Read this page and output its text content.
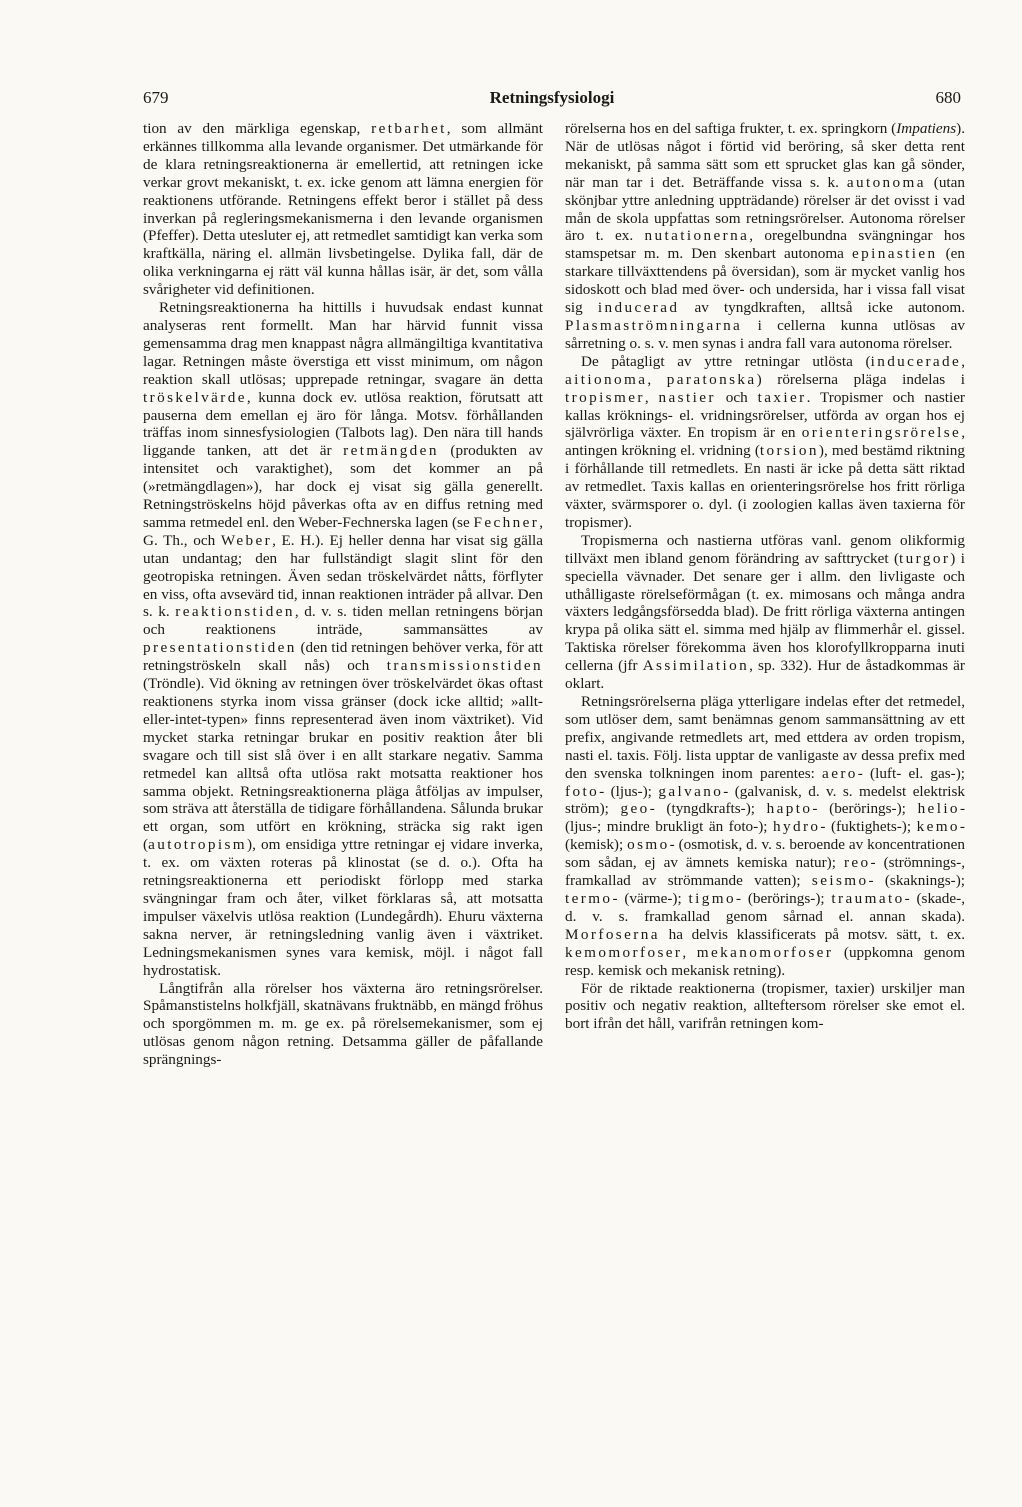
679	Retningsfysiologi	680

tion av den märkliga egenskap, retbarhet, som allmänt erkännes tillkomma alla levande organismer. Det utmärkande för de klara retningsreaktionerna är emellertid, att retningen icke verkar grovt mekaniskt, t. ex. icke genom att lämna energien för reaktionens utförande. Retningens effekt beror i stället på dess inverkan på regleringsmekanismerna i den levande organismen (Pfeffer). Detta utesluter ej, att retmedlet samtidigt kan verka som kraftkälla, näring el. allmän livsbetingelse. Dylika fall, där de olika verkningarna ej rätt väl kunna hållas isär, är det, som vålla svårigheter vid definitionen.

Retningsreaktionerna ha hittills i huvudsak endast kunnat analyseras rent formellt. Man har härvid funnit vissa gemensamma drag men knappast några allmängiltiga kvantitativa lagar. Retningen måste överstiga ett visst minimum, om någon reaktion skall utlösas; upprepade retningar, svagare än detta tröskelvärde, kunna dock ev. utlösa reaktion, förutsatt att pauserna dem emellan ej äro för långa. Motsv. förhållanden träffas inom sinnesfysiologien (Talbots lag). Den nära till hands liggande tanken, att det är retmängden (produkten av intensitet och varaktighet), som det kommer an på (»retmängdlagen»), har dock ej visat sig gälla generellt. Retningströskelns höjd påverkas ofta av en diffus retning med samma retmedel enl. den Weber-Fechnerska lagen (se Fechner, G. Th., och Weber, E. H.). Ej heller denna har visat sig gälla utan undantag; den har fullständigt slagit slint för den geotropiska retningen. Även sedan tröskelvärdet nåtts, förflyter en viss, ofta avsevärd tid, innan reaktionen inträder på allvar. Den s. k. reaktionstiden, d. v. s. tiden mellan retningens början och reaktionens inträde, sammansättes av presentationstiden (den tid retningen behöver verka, för att retningströskeln skall nås) och transmissionstiden (Tröndle). Vid ökning av retningen över tröskelvärdet ökas oftast reaktionens styrka inom vissa gränser (dock icke alltid; »allt-eller-intet-typen» finns representerad även inom växtriket). Vid mycket starka retningar brukar en positiv reaktion åter bli svagare och till sist slå över i en allt starkare negativ. Samma retmedel kan alltså ofta utlösa rakt motsatta reaktioner hos samma objekt. Retningsreaktionerna pläga åtföljas av impulser, som sträva att återställa de tidigare förhållandena. Sålunda brukar ett organ, som utfört en krökning, sträcka sig rakt igen (autotropism), om ensidiga yttre retningar ej vidare inverka, t. ex. om växten roteras på klinostat (se d. o.). Ofta ha retningsreaktionerna ett periodiskt förlopp med starka svängningar fram och åter, vilket förklaras så, att motsatta impulser växelvis utlösa reaktion (Lundegårdh). Ehuru växterna sakna nerver, är retningsledning vanlig även i växtriket. Ledningsmekanismen synes vara kemisk, möjl. i något fall hydrostatisk.

Långtifrån alla rörelser hos växterna äro retningsrörelser. Spåmanstistelns holkfjäll, skatnävans fruktnäbb, en mängd fröhus och sporgömmen m. m. ge ex. på rörelsemekanismer, som ej utlösas genom någon retning. Detsamma gäller de påfallande sprängnings-

rörelserna hos en del saftiga frukter, t. ex. springkorn (Impatiens). När de utlösas något i förtid vid beröring, så sker detta rent mekaniskt, på samma sätt som ett sprucket glas kan gå sönder, när man tar i det. Beträffande vissa s. k. autonoma (utan skönjbar yttre anledning uppträdande) rörelser är det ovisst i vad mån de skola uppfattas som retningsrörelser. Autonoma rörelser äro t. ex. nutationerna, oregelbundna svängningar hos stamspetsar m. m. Den skenbart autonoma epinastien (en starkare tillväxttendens på översidan), som är mycket vanlig hos sidoskott och blad med över- och undersida, har i vissa fall visat sig inducerad av tyngdkraften, alltså icke autonom. Plasmaströmningarna i cellerna kunna utlösas av sårretning o. s. v. men synas i andra fall vara autonoma rörelser.

De påtagligt av yttre retningar utlösta (inducerade, aitionoma, paratonska) rörelserna pläga indelas i tropismer, nastier och taxier. Tropismer och nastier kallas kröknings- el. vridningsrörelser, utförda av organ hos ej självrörliga växter. En tropism är en orienteringsrörelse, antingen krökning el. vridning (torsion), med bestämd riktning i förhållande till retmedlets. En nasti är icke på detta sätt riktad av retmedlet. Taxis kallas en orienteringsrörelse hos fritt rörliga växter, svärmsporer o. dyl. (i zoologien kallas även taxierna för tropismer).

Tropismerna och nastierna utföras vanl. genom olikformig tillväxt men ibland genom förändring av safttrycket (turgor) i speciella vävnader. Det senare ger i allm. den livligaste och uthålligaste rörelseförmågan (t. ex. mimosans och många andra växters ledgångsförsedda blad). De fritt rörliga växterna antingen krypa på olika sätt el. simma med hjälp av flimmerhår el. gissel. Taktiska rörelser förekomma även hos klorofyllkropparna inuti cellerna (jfr Assimilation, sp. 332). Hur de åstadkommas är oklart.

Retningsrörelserna pläga ytterligare indelas efter det retmedel, som utlöser dem, samt benämnas genom sammansättning av ett prefix, angivande retmedlets art, med ettdera av orden tropism, nasti el. taxis. Följ. lista upptar de vanligaste av dessa prefix med den svenska tolkningen inom parentes: aero- (luft- el. gas-); foto- (ljus-); galvano- (galvanisk, d. v. s. medelst elektrisk ström); geo- (tyngdkrafts-); hapto- (berörings-); helio- (ljus-; mindre brukligt än foto-); hydro- (fuktighets-); kemo- (kemisk); osmo- (osmotisk, d. v. s. beroende av koncentrationen som sådan, ej av ämnets kemiska natur); reo- (strömnings-, framkallad av strömmande vatten); seismo- (skaknings-); termo- (värme-); tigmo- (berörings-); traumato- (skade-, d. v. s. framkallad genom sårnad el. annan skada). Morfoserna ha delvis klassificerats på motsv. sätt, t. ex. kemomorfoser, mekanomorfoser (uppkomna genom resp. kemisk och mekanisk retning).

För de riktade reaktionerna (tropismer, taxier) urskiljer man positiv och negativ reaktion, allteftersom rörelser ske emot el. bort ifrån det håll, varifrån retningen kom-
